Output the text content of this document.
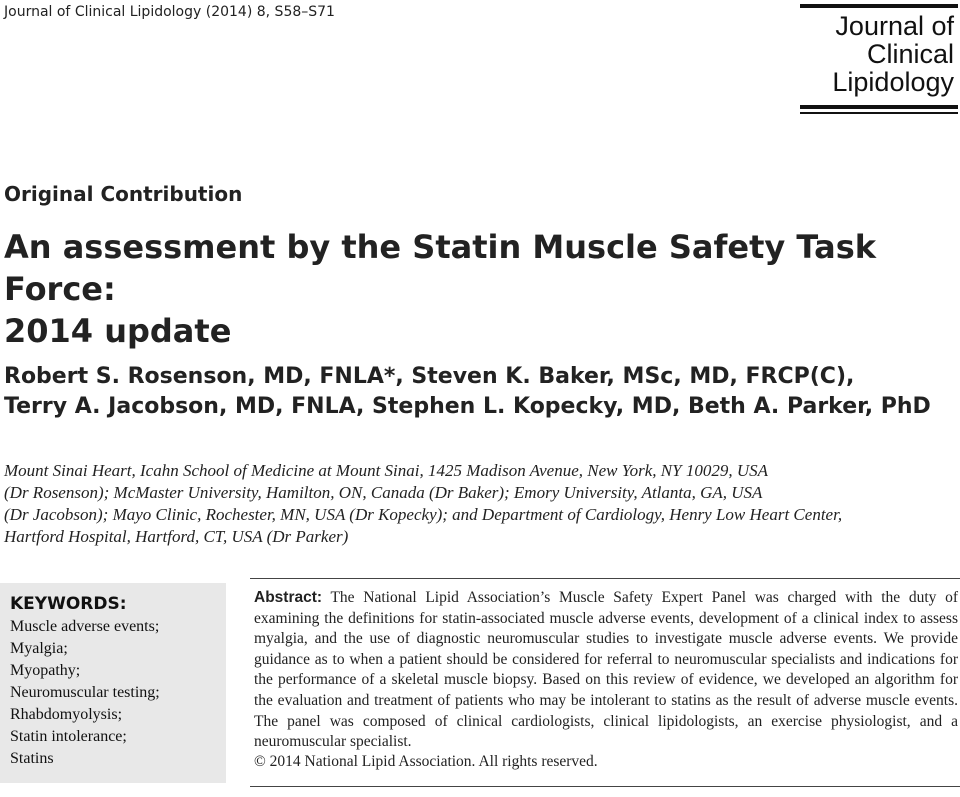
Journal of Clinical Lipidology (2014) 8, S58–S71	Journal of
Clinical
Lipidology
Original Contribution
An assessment by the Statin Muscle Safety Task Force:
2014 update
Robert S. Rosenson, MD, FNLA*, Steven K. Baker, MSc, MD, FRCP(C),
Terry A. Jacobson, MD, FNLA, Stephen L. Kopecky, MD, Beth A. Parker, PhD
Mount Sinai Heart, Icahn School of Medicine at Mount Sinai, 1425 Madison Avenue, New York, NY 10029, USA
(Dr Rosenson); McMaster University, Hamilton, ON, Canada (Dr Baker); Emory University, Atlanta, GA, USA
(Dr Jacobson); Mayo Clinic, Rochester, MN, USA (Dr Kopecky); and Department of Cardiology, Henry Low Heart Center,
Hartford Hospital, Hartford, CT, USA (Dr Parker)
KEYWORDS:
Muscle adverse events;
Myalgia;
Myopathy;
Neuromuscular testing;
Rhabdomyolysis;
Statin intolerance;
Statins
Abstract: The National Lipid Association’s Muscle Safety Expert Panel was charged with the duty of examining the definitions for statin-associated muscle adverse events, development of a clinical index to assess myalgia, and the use of diagnostic neuromuscular studies to investigate muscle adverse events. We provide guidance as to when a patient should be considered for referral to neuromuscular specialists and indications for the performance of a skeletal muscle biopsy. Based on this review of evidence, we developed an algorithm for the evaluation and treatment of patients who may be intolerant to statins as the result of adverse muscle events. The panel was composed of clinical cardiologists, clinical lipidologists, an exercise physiologist, and a neuromuscular specialist.
© 2014 National Lipid Association. All rights reserved.
